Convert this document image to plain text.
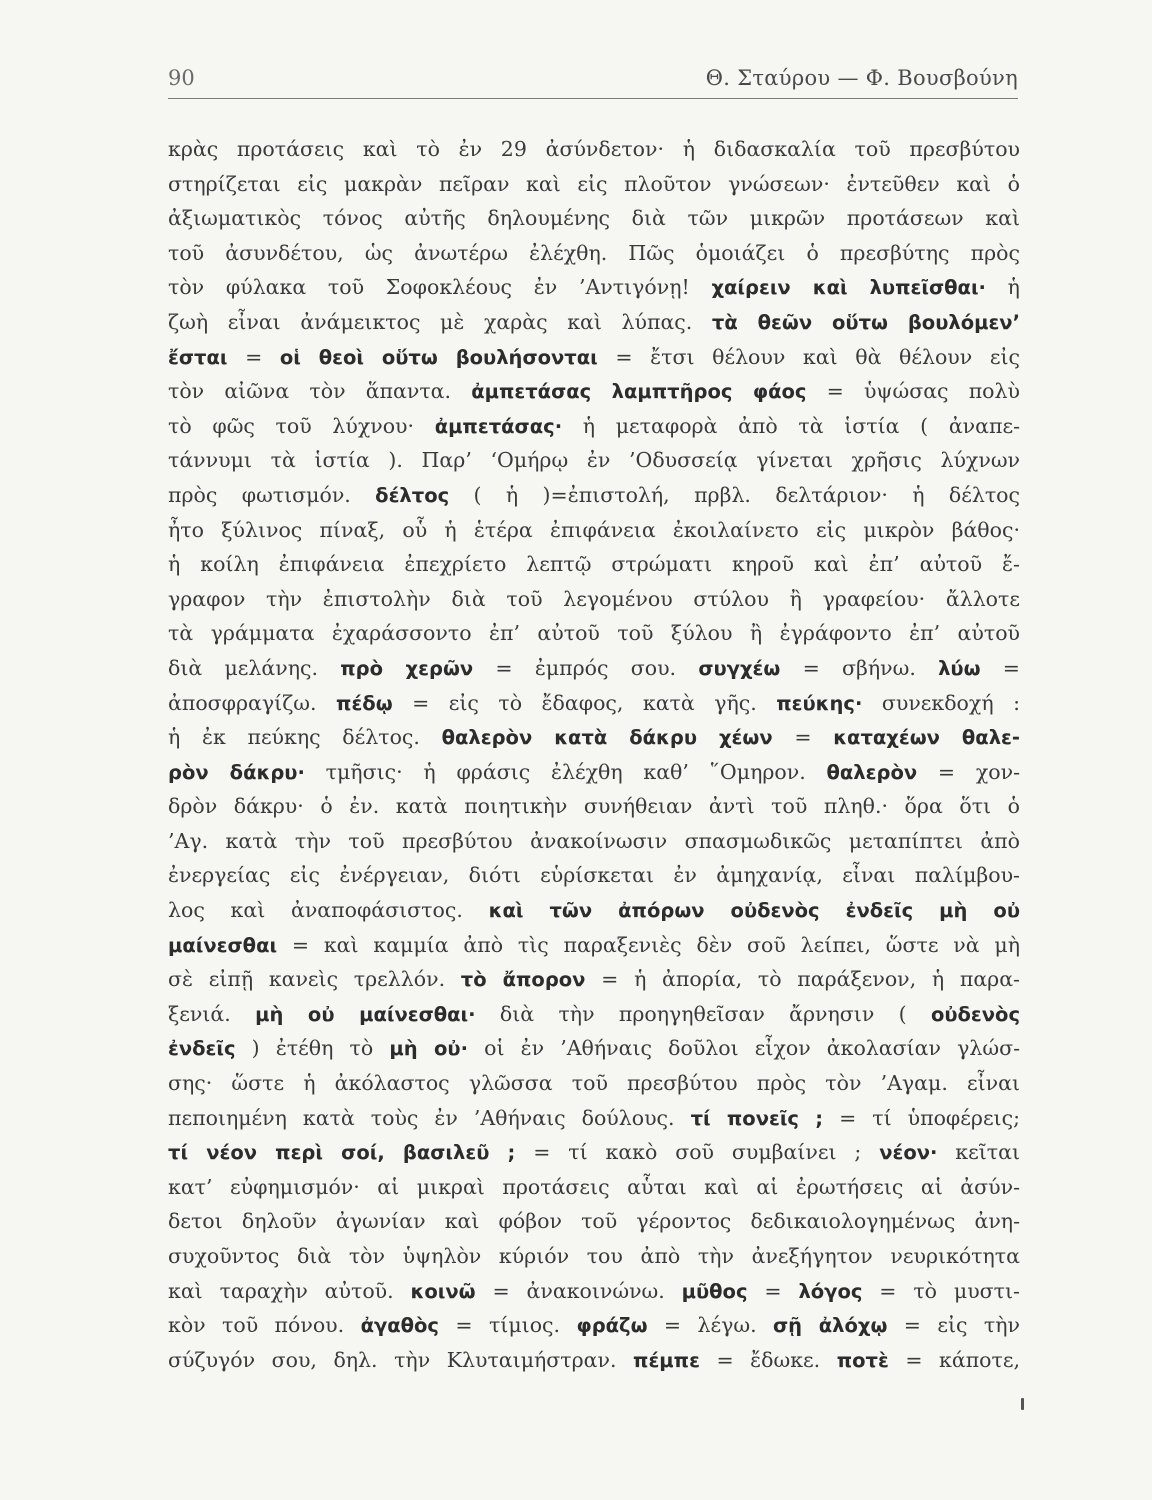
90	Θ. Σταύρου — Φ. Βουσβούνη
κρὰς προτάσεις καὶ τὸ ἐν 29 ἀσύνδετον· ἡ διδασκαλία τοῦ πρεσβύτου
στηρίζεται εἰς μακρὰν πεῖραν καὶ εἰς πλοῦτον γνώσεων· ἐντεῦθεν καὶ ὁ
ἀξιωματικὸς τόνος αὐτῆς δηλουμένης διὰ τῶν μικρῶν προτάσεων καὶ
τοῦ ἀσυνδέτου, ὡς ἀνωτέρω ἐλέχθη. Πῶς ὁμοιάζει ὁ πρεσβύτης πρὸς
τὸν φύλακα τοῦ Σοφοκλέους ἐν ’Αντιγόνῃ! χαίρειν καὶ λυπεῖσθαι· ἡ
ζωὴ εἶναι ἀνάμεικτος μὲ χαρὰς καὶ λύπας. τὰ θεῶν οὕτω βουλόμεν’
ἔσται = οἱ θεοὶ οὕτω βουλήσονται = ἔτσι θέλουν καὶ θὰ θέλουν εἰς
τὸν αἰῶνα τὸν ἅπαντα. ἀμπετάσας λαμπτῆρος φάος = ὑψώσας πολὺ
τὸ φῶς τοῦ λύχνου· ἀμπετάσας· ἡ μεταφορὰ ἀπὸ τὰ ἱστία ( ἀναπε-
τάννυμι τὰ ἱστία ). Παρ’ ‘Ομήρῳ ἐν ’Οδυσσείᾳ γίνεται χρῆσις λύχνων
πρὸς φωτισμόν. δέλτος ( ἡ )=ἐπιστολή, πρβλ. δελτάριον· ἡ δέλτος
ἦτο ξύλινος πίναξ, οὗ ἡ ἑτέρα ἐπιφάνεια ἐκοιλαίνετο εἰς μικρὸν βάθος·
ἡ κοίλη ἐπιφάνεια ἐπεχρίετο λεπτῷ στρώματι κηροῦ καὶ ἐπ’ αὐτοῦ ἔ-
γραφον τὴν ἐπιστολὴν διὰ τοῦ λεγομένου στύλου ἢ γραφείου· ἄλλοτε
τὰ γράμματα ἐχαράσσοντο ἐπ’ αὐτοῦ τοῦ ξύλου ἢ ἐγράφοντο ἐπ’ αὐτοῦ
διὰ μελάνης. πρὸ χερῶν = ἐμπρός σου. συγχέω = σβήνω. λύω =
ἀποσφραγίζω. πέδῳ = εἰς τὸ ἔδαφος, κατὰ γῆς. πεύκης· συνεκδοχή :
ἡ ἐκ πεύκης δέλτος. θαλερὸν κατὰ δάκρυ χέων = καταχέων θαλε-
ρὸν δάκρυ· τμῆσις· ἡ φράσις ἐλέχθη καθ’ ῞Ομηρον. θαλερὸν = χον-
δρὸν δάκρυ· ὁ ἐν. κατὰ ποιητικὴν συνήθειαν ἀντὶ τοῦ πληθ.· ὅρα ὅτι ὁ
’Αγ. κατὰ τὴν τοῦ πρεσβύτου ἀνακοίνωσιν σπασμωδικῶς μεταπίπτει ἀπὸ
ἐνεργείας εἰς ἐνέργειαν, διότι εὑρίσκεται ἐν ἀμηχανίᾳ, εἶναι παλίμβου-
λος καὶ ἀναποφάσιστος. καὶ τῶν ἀπόρων οὐδενὸς ἐνδεῖς μὴ οὐ
μαίνεσθαι = καὶ καμμία ἀπὸ τὶς παραξενιὲς δὲν σοῦ λείπει, ὥστε νὰ μὴ
σὲ εἰπῇ κανεὶς τρελλόν. τὸ ἄπορον = ἡ ἀπορία, τὸ παράξενον, ἡ παρα-
ξενιά. μὴ οὐ μαίνεσθαι· διὰ τὴν προηγηθεῖσαν ἄρνησιν ( οὐδενὸς
ἐνδεῖς ) ἐτέθη τὸ μὴ οὐ· οἱ ἐν ’Αθήναις δοῦλοι εἶχον ἀκολασίαν γλώσ-
σης· ὥστε ἡ ἀκόλαστος γλῶσσα τοῦ πρεσβύτου πρὸς τὸν ’Αγαμ. εἶναι
πεποιημένη κατὰ τοὺς ἐν ’Αθήναις δούλους. τί πονεῖς ; = τί ὑποφέρεις;
τί νέον περὶ σοί, βασιλεῦ ; = τί κακὸ σοῦ συμβαίνει ; νέον· κεῖται
κατ’ εὐφημισμόν· αἱ μικραὶ προτάσεις αὗται καὶ αἱ ἐρωτήσεις αἱ ἀσύν-
δετοι δηλοῦν ἀγωνίαν καὶ φόβον τοῦ γέροντος δεδικαιολογημένως ἀνη-
συχοῦντος διὰ τὸν ὑψηλὸν κύριόν του ἀπὸ τὴν ἀνεξήγητον νευρικότητα
καὶ ταραχὴν αὐτοῦ. κοινῶ = ἀνακοινώνω. μῦθος = λόγος = τὸ μυστι-
κὸν τοῦ πόνου. ἀγαθὸς = τίμιος. φράζω = λέγω. σῇ ἀλόχῳ = εἰς τὴν
σύζυγόν σου, δηλ. τὴν Κλυταιμήστραν. πέμπε = ἔδωκε. ποτὲ = κάποτε,
